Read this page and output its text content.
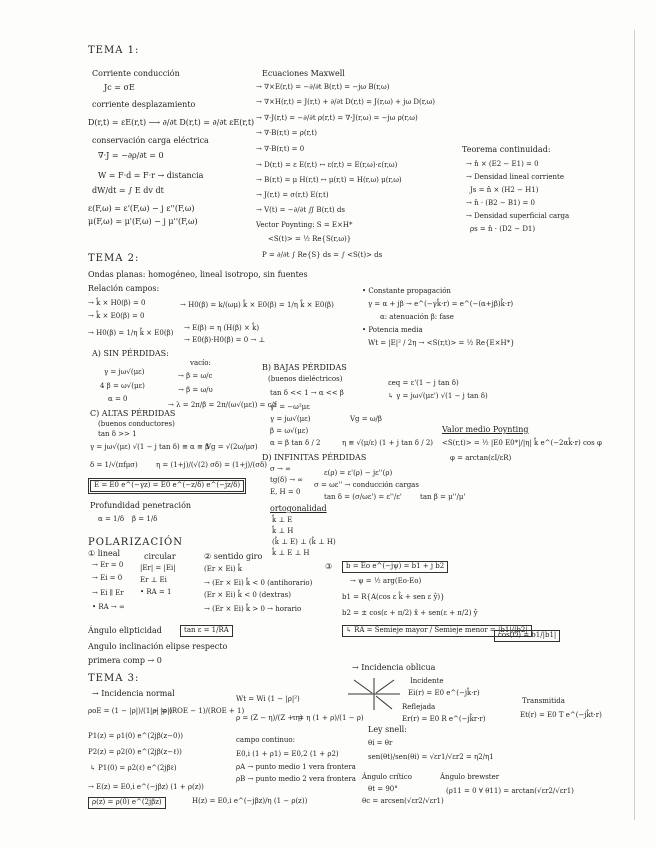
TEMA 1:
Corriente conducción
Jc = σE
corriente desplazamiento
D(r,t) = εE(r,t) ⟶ ∂/∂t D(r,t) = ∂/∂t εE(r,t)
conservación carga eléctrica
∇·J = −∂ρ/∂t = 0
W = F·d = F·r → distancia
dW/dt = ∫ E dv dt
ε(F,ω) = ε'(F,ω) − j ε''(F,ω)
μ(F,ω) = μ'(F,ω) − j μ''(F,ω)
Ecuaciones Maxwell
→ ∇×E(r,t) = −∂/∂t B(r,t) = −jω B(r,ω)
→ ∇×H(r,t) = J(r,t) + ∂/∂t D(r,t) = J(r,ω) + jω D(r,ω)
→ ∇·J(r,t) = −∂/∂t ρ(r,t) = ∇·J(r,ω) = −jω ρ(r,ω)
→ ∇·B(r,t) = ρ(r,t)
→ ∇·B(r,t) = 0
→ D(r,t) = ε E(r,t) ↔ ε(r,t) = E(r,ω)·ε(r,ω)
→ B(r,t) = μ H(r,t) ↔ μ(r,t) = H(r,ω) μ(r,ω)
→ J(r,t) = σ(r,t) E(r,t)
→ V(t) = −∂/∂t ∬ B(r,t) ds
Vector Poynting: S = E×H*
<S(t)> = ½ Re{S(r,ω)}
P = ∂/∂t ∫ Re{S} ds = ∫ <S(t)> ds
Teorema continuidad:
→ n̂ × (E2 − E1) = 0
→ Densidad lineal corriente
Js = n̂ × (H2 − H1)
→ n̂ · (B2 − B1) = 0
→ Densidad superficial carga
ρs = n̂ · (D2 − D1)
TEMA 2:
Ondas planas: homogéneo, lineal isotropo, sin fuentes
Relación campos:
→ k̂ × H0(β) = 0
→ k̂ × E0(β) = 0
→ H0(β) = 1/η k̂ × E0(β)
→ H0(β) = k/(ωμ) k̂ × E0(β) = 1/η k̂ × E0(β)
→ E(β) = η (H(β) × k̂)
→ E0(β)·H0(β) = 0 → ⊥
• Constante propagación
γ = α + jβ → e^(−γk̂·r) = e^(−(α+jβ)k̂·r)
α: atenuación β: fase
• Potencia media
Wt = |E|² / 2η → <S(r,t)> = ½ Re{E×H*}
A) SIN PÉRDIDAS:
vacío:
γ = jω√(με)	→ β = ω/c
4 β = ω√(με)	→ β = ω/υ
α = 0
→ λ = 2π/β = 2π/(ω√(με)) = c/f
B) BAJAS PÉRDIDAS
(buenos dieléctricos)
tan δ << 1 → α << β
εeq = ε'(1 − j tan δ)
↳ γ = jω√(με') √(1 − j tan δ)
γ² = −ω²με
γ = jω√(με)
β = ω√(με)
α = β tan δ / 2	η ≅ √(μ/ε) (1 + j tan δ / 2)
Vg = ω/β
C) ALTAS PÉRDIDAS
(buenos conductores)
tan δ >> 1
γ = jω√(με) √(1 − j tan δ) ≅ α ≅ β
Vg = √(2ω/μσ)
δ = 1/√(πfμσ)	η = (1+j)/(√(2) σδ) = (1+j)/(σδ)
E = E0 e^(−γz) = E0 e^(−z/δ) e^(−jz/δ)
D) INFINITAS PÉRDIDAS
σ → ∞
tg(δ) → ∞
E, H = 0
ε(ρ) = ε'(ρ) − jε''(ρ)
σ = ωε'' → conducción cargas
tan δ = (σ/ωε') = ε''/ε'	tan β = μ''/μ'
Valor medio Poynting
<S(r,t)> = ½ |E0 E0*|/|η| k̂ e^(−2αk̂·r) cos φ
φ = arctan(εI/εR)
Profundidad penetración
α = 1/δ β = 1/δ
ortogonalidad
k̂ ⊥ E
k̂ ⊥ H
(k̂ ⊥ E) ⊥ (k̂ ⊥ H)
k̂ ⊥ E ⊥ H
POLARIZACIÓN
① lineal
→ Er = 0
→ Ei = 0
→ Ei ∥ Er
• RA → ∞
circular
|Er| = |Ei|
Er ⊥ Ei
• RA = 1
② sentido giro
(Er × Ei) k̂
→ (Er × Ei) k̂ < 0 (antihorario)
(Er × Ei) k̂ < 0 (dextras)
→ (Er × Ei) k̂ > 0 → horario
③	b = Eo e^(−jψ) = b1 + j b2
→ ψ = ½ arg(Eo·Eo)
b1 = R{A(cos ε k̂ + sen ε ŷ)}
b2 = ± cos(ε + π/2) x̂ + sen(ε + π/2) ŷ
↳ RA = Semieje mayor / Semieje menor = |b1|/|b2|
cos(Ω) = b1/|b1|
Ángulo elipticidad	tan ε = 1/RA
Angulo inclinación elipse respecto
primera comp → 0
TEMA 3:
→ Incidencia normal
ρoE = (1 − |ρ|)/(1 − |ρ|)
|ρ| = (ROE − 1)/(ROE + 1)
Wt = Wi (1 − |ρ|²)
ρ = (Z − η)/(Z + η)
τ = η (1 + ρ)/(1 − ρ)
P1(z) = ρ1(0) e^(2jβ(z−0))
P2(z) = ρ2(0) e^(2jβ(z−ℓ))
↳ P1(0) = ρ2(ℓ) e^(2jβℓ)
campo continuo:
E0,i (1 + ρ1) = E0,2 (1 + ρ2)
ρA → punto medio 1 vera frontera
ρB → punto medio 2 vera frontera
→ E(z) = E0,i e^(−jβz) (1 + ρ(z))
ρ(z) = ρ(0) e^(2jβz)	H(z) = E0,i e^(−jβz)/η (1 − ρ(z))
→ Incidencia oblicua
Incidente
Ei(r) = E0 e^(−jk̂·r)
Reflejada
Er(r) = E0 R e^(−jk̂r·r)
Transmitida
Et(r) = E0 T e^(−jk̂t·r)
Ley snell:
θi = θr
sen(θt)/sen(θi) = √εr1/√εr2 = η2/η1
Ángulo crítico
θt = 90°
θc = arcsen(√εr2/√εr1)
Ángulo brewster
(ρ11 = 0 ∀ θ11) = arctan(√εr2/√εr1)
